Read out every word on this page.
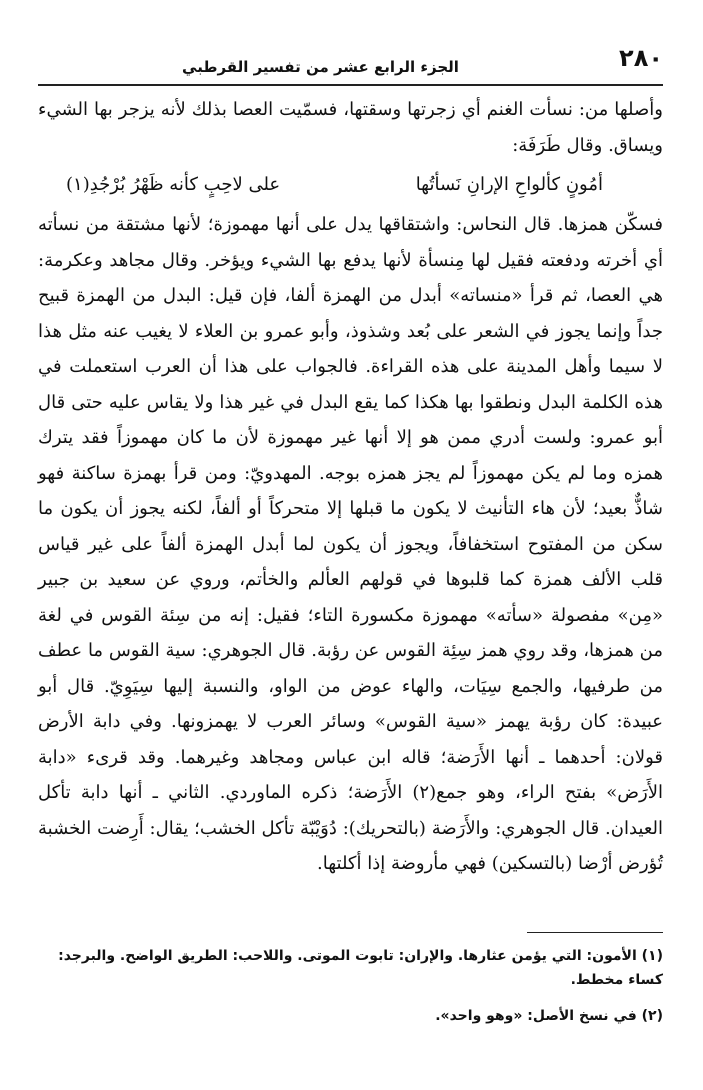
٢٨٠
الجزء الرابع عشر من تفسير القرطبي

وأصلها من: نسأت الغنم أي زجرتها وسقتها، فسمّيت العصا بذلك لأنه يزجر بها الشيء ويساق. وقال طَرَفَة:

أمُونٍ كألواحِ الإرانِ نَسأتُها
على لاحِبٍ كأنه ظَهْرُ بُرْجُدِ(١)

فسكّن همزها. قال النحاس: واشتقاقها يدل على أنها مهموزة؛ لأنها مشتقة من نسأته أي أخرته ودفعته فقيل لها مِنسأة لأنها يدفع بها الشيء ويؤخر. وقال مجاهد وعكرمة: هي العصا، ثم قرأ «منساته» أبدل من الهمزة ألفا، فإن قيل: البدل من الهمزة قبيح جداً وإنما يجوز في الشعر على بُعد وشذوذ، وأبو عمرو بن العلاء لا يغيب عنه مثل هذا لا سيما وأهل المدينة على هذه القراءة. فالجواب على هذا أن العرب استعملت في هذه الكلمة البدل ونطقوا بها هكذا كما يقع البدل في غير هذا ولا يقاس عليه حتى قال أبو عمرو: ولست أدري ممن هو إلا أنها غير مهموزة لأن ما كان مهموزاً فقد يترك همزه وما لم يكن مهموزاً لم يجز همزه بوجه. المهدويّ: ومن قرأ بهمزة ساكنة فهو شاذٌّ بعيد؛ لأن هاء التأنيث لا يكون ما قبلها إلا متحركاً أو ألفاً، لكنه يجوز أن يكون ما سكن من المفتوح استخفافاً، ويجوز أن يكون لما أبدل الهمزة ألفاً على غير قياس قلب الألف همزة كما قلبوها في قولهم العألم والخأتم، وروي عن سعيد بن جبير «مِن» مفصولة «سأته» مهموزة مكسورة التاء؛ فقيل: إنه من سِئة القوس في لغة من همزها، وقد روي همز سِئِة القوس عن رؤبة. قال الجوهري: سية القوس ما عطف من طرفيها، والجمع سِيَات، والهاء عوض من الواو، والنسبة إليها سِيَوِيّ. قال أبو عبيدة: كان رؤبة يهمز «سية القوس» وسائر العرب لا يهمزونها. وفي دابة الأرض قولان: أحدهما ـ أنها الأَرَضة؛ قاله ابن عباس ومجاهد وغيرهما. وقد قرىء «دابة الأَرَض» بفتح الراء، وهو جمع(٢) الأَرَضة؛ ذكره الماوردي. الثاني ـ أنها دابة تأكل العيدان. قال الجوهري: والأَرَضة (بالتحريك): دُوَيْبّة تأكل الخشب؛ يقال: أَرِضت الخشبة تُؤرض أرْضا (بالتسكين) فهي مأروضة إذا أكلتها.

(١) الأمون: التي يؤمن عثارها. والإران: تابوت الموتى. واللاحب: الطريق الواضح. والبرجد: كساء مخطط.

(٢) في نسخ الأصل: «وهو واحد».
